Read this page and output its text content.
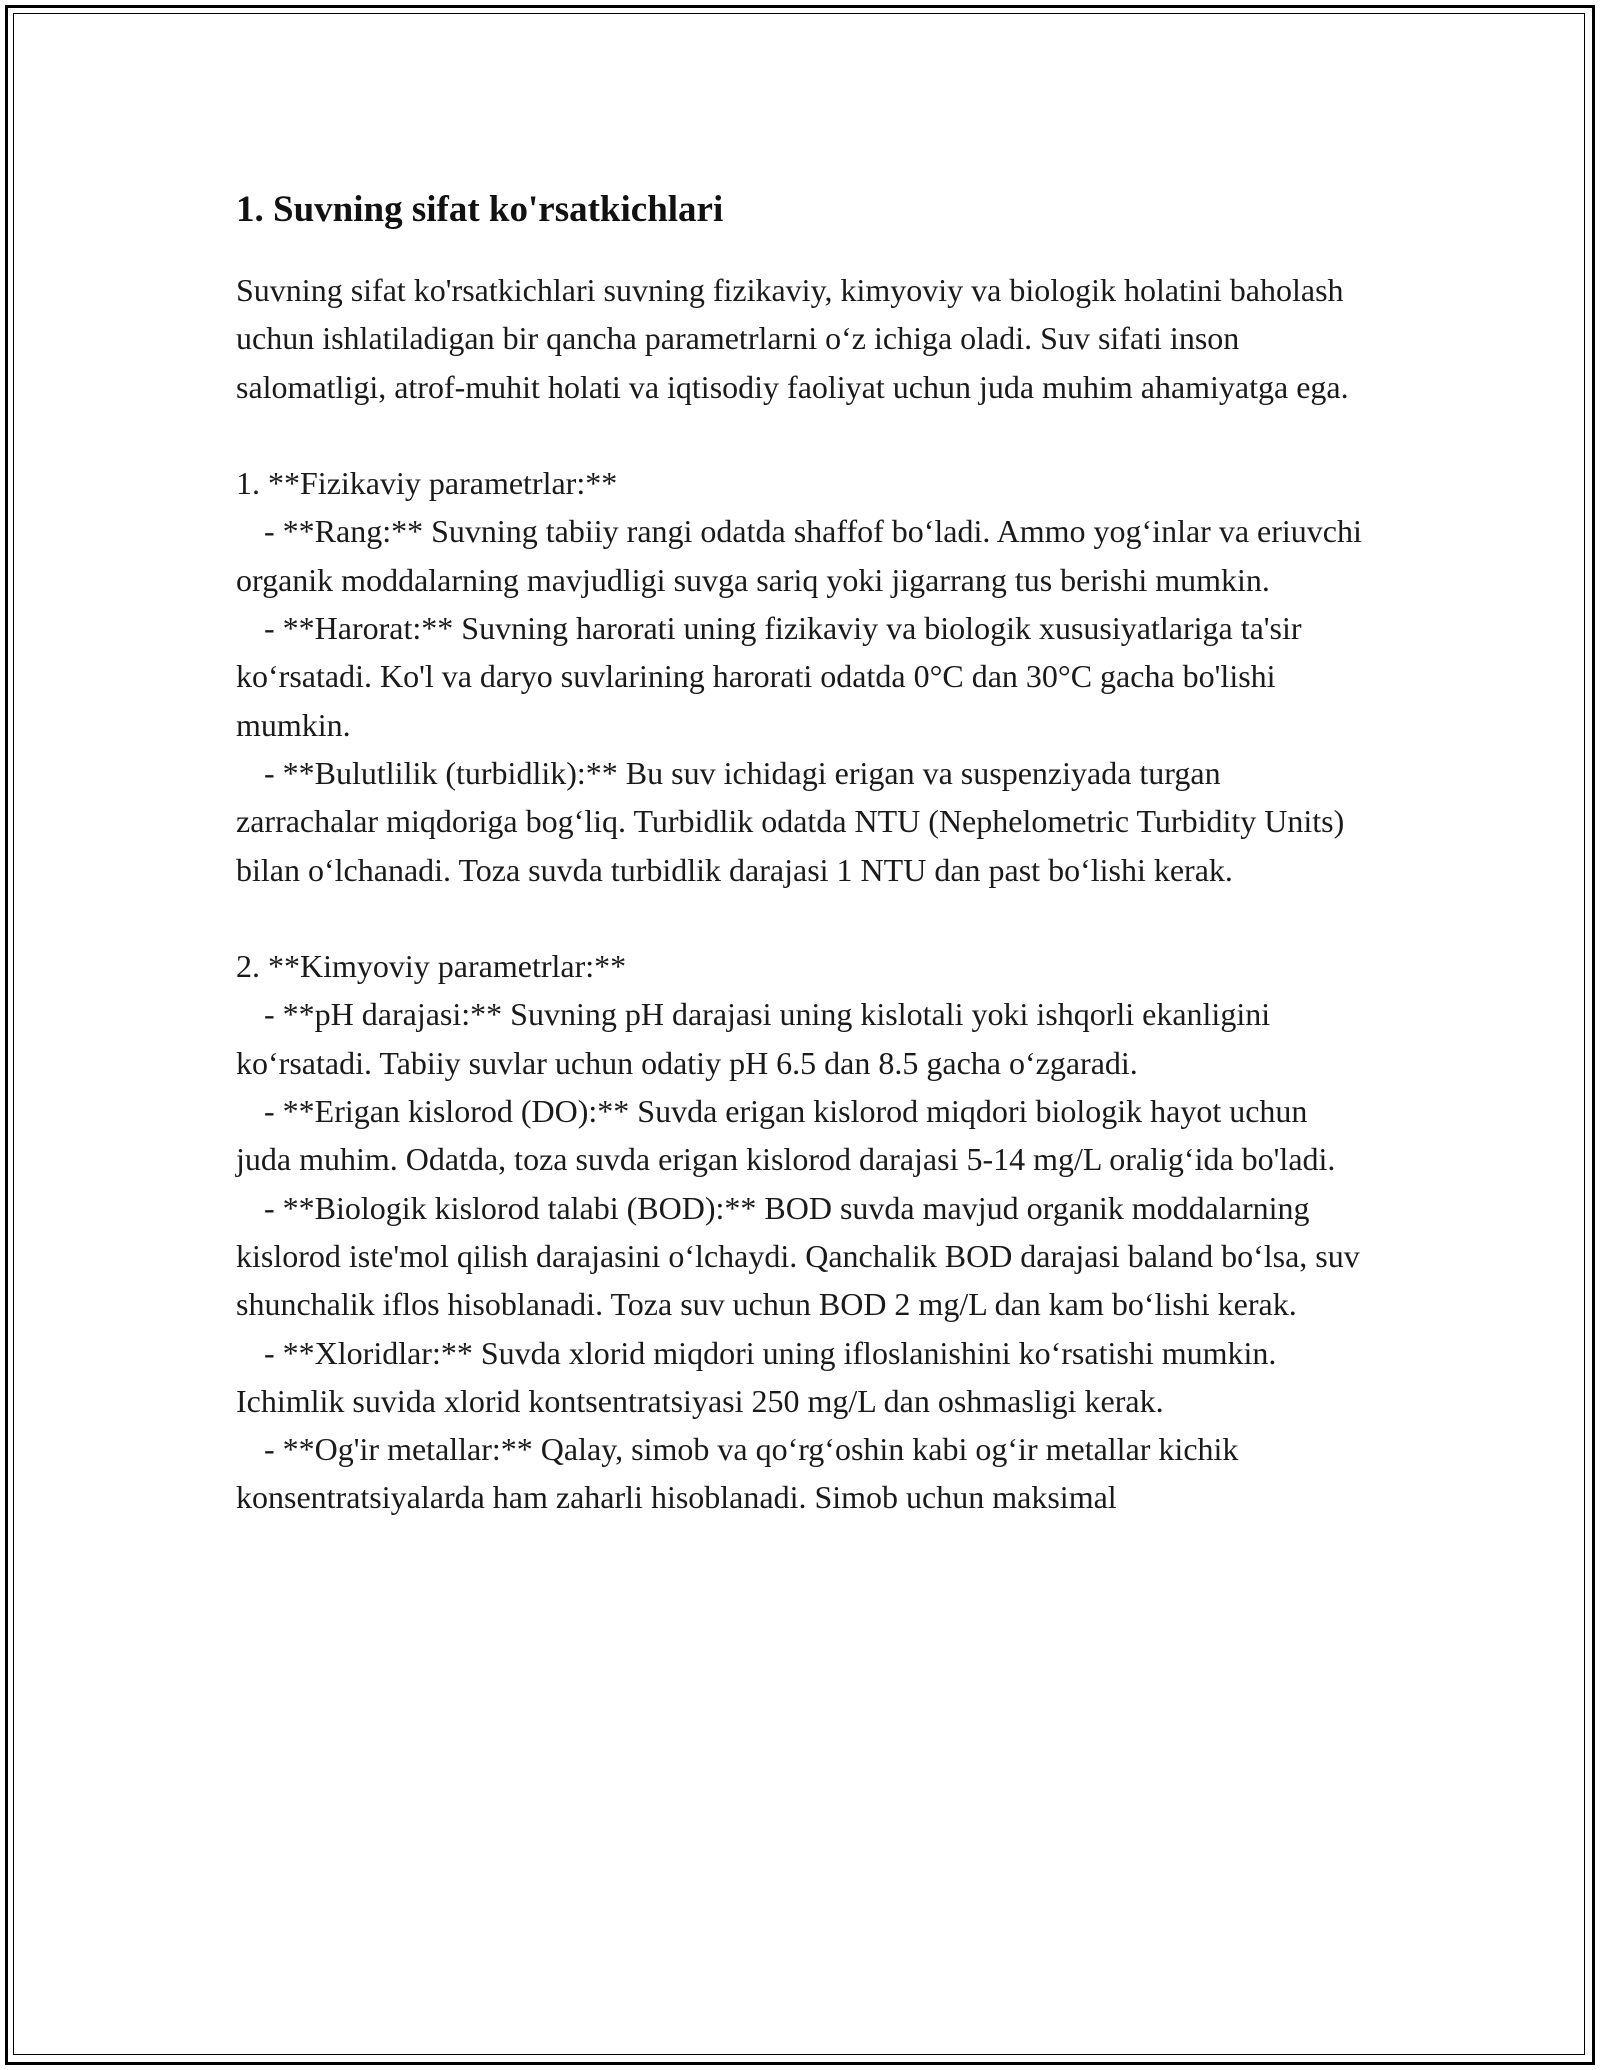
1. Suvning sifat ko'rsatkichlari

Suvning sifat ko'rsatkichlari suvning fizikaviy, kimyoviy va biologik holatini baholash uchun ishlatiladigan bir qancha parametrlarni o‘z ichiga oladi. Suv sifati inson salomatligi, atrof-muhit holati va iqtisodiy faoliyat uchun juda muhim ahamiyatga ega.

1. **Fizikaviy parametrlar:**

- **Rang:** Suvning tabiiy rangi odatda shaffof bo‘ladi. Ammo yog‘inlar va eriuvchi organik moddalarning mavjudligi suvga sariq yoki jigarrang tus berishi mumkin.

- **Harorat:** Suvning harorati uning fizikaviy va biologik xususiyatlariga ta'sir ko‘rsatadi. Ko'l va daryo suvlarining harorati odatda 0°C dan 30°C gacha bo'lishi mumkin.

- **Bulutlilik (turbidlik):** Bu suv ichidagi erigan va suspenziyada turgan zarrachalar miqdoriga bog‘liq. Turbidlik odatda NTU (Nephelometric Turbidity Units) bilan o‘lchanadi. Toza suvda turbidlik darajasi 1 NTU dan past bo‘lishi kerak.

2. **Kimyoviy parametrlar:**

- **pH darajasi:** Suvning pH darajasi uning kislotali yoki ishqorli ekanligini ko‘rsatadi. Tabiiy suvlar uchun odatiy pH 6.5 dan 8.5 gacha o‘zgaradi.

- **Erigan kislorod (DO):** Suvda erigan kislorod miqdori biologik hayot uchun juda muhim. Odatda, toza suvda erigan kislorod darajasi 5-14 mg/L oralig‘ida bo'ladi.

- **Biologik kislorod talabi (BOD):** BOD suvda mavjud organik moddalarning kislorod iste'mol qilish darajasini o‘lchaydi. Qanchalik BOD darajasi baland bo‘lsa, suv shunchalik iflos hisoblanadi. Toza suv uchun BOD 2 mg/L dan kam bo‘lishi kerak.

- **Xloridlar:** Suvda xlorid miqdori uning ifloslanishini ko‘rsatishi mumkin. Ichimlik suvida xlorid kontsentratsiyasi 250 mg/L dan oshmasligi kerak.

- **Og'ir metallar:** Qalay, simob va qo‘rg‘oshin kabi og‘ir metallar kichik konsentratsiyalarda ham zaharli hisoblanadi. Simob uchun maksimal
